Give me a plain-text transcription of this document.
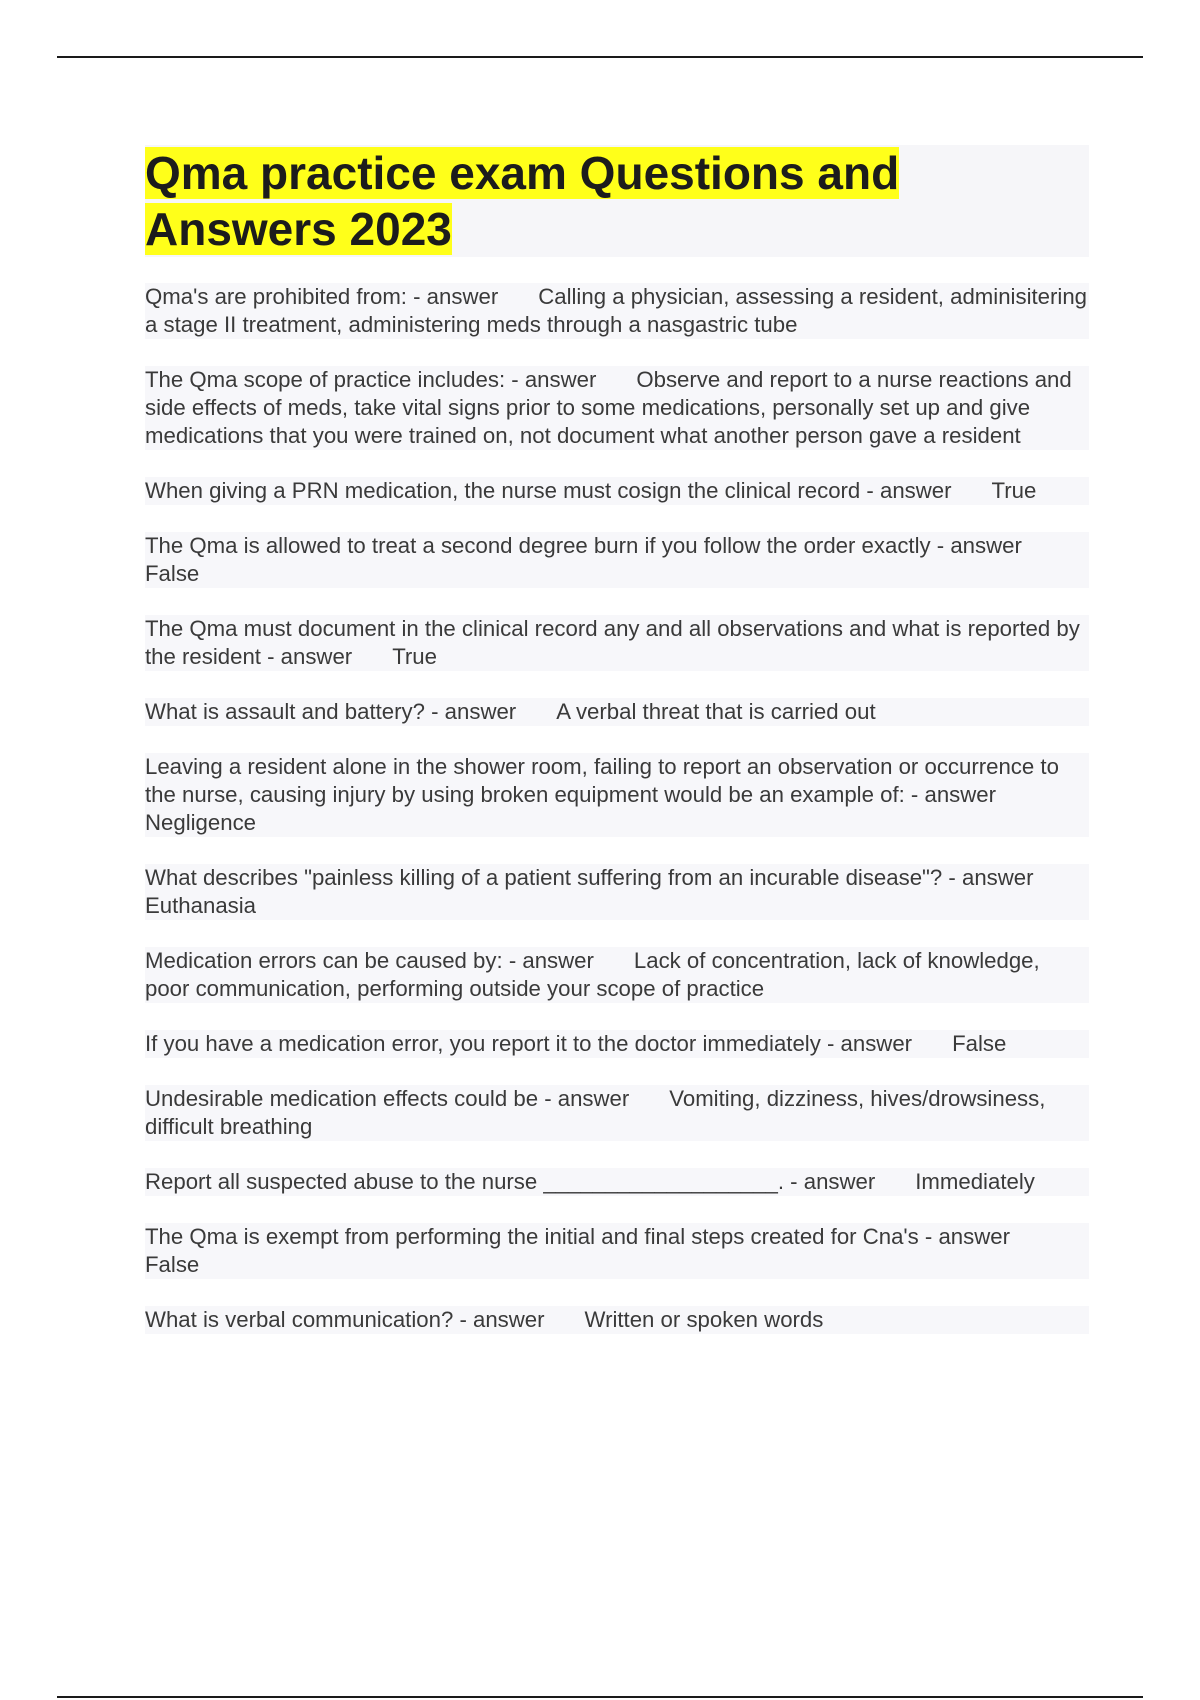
Qma practice exam Questions and Answers 2023

Qma's are prohibited from: - answer Calling a physician, assessing a resident, adminisitering a stage II treatment, administering meds through a nasgastric tube

The Qma scope of practice includes: - answer Observe and report to a nurse reactions and side effects of meds, take vital signs prior to some medications, personally set up and give medications that you were trained on, not document what another person gave a resident

When giving a PRN medication, the nurse must cosign the clinical record - answer True

The Qma is allowed to treat a second degree burn if you follow the order exactly - answerFalse

The Qma must document in the clinical record any and all observations and what is reported by the resident - answer True

What is assault and battery? - answer A verbal threat that is carried out

Leaving a resident alone in the shower room, failing to report an observation or occurrence to the nurse, causing injury by using broken equipment would be an example of: - answerNegligence

What describes "painless killing of a patient suffering from an incurable disease"? - answerEuthanasia

Medication errors can be caused by: - answer Lack of concentration, lack of knowledge, poor communication, performing outside your scope of practice

If you have a medication error, you report it to the doctor immediately - answer False

Undesirable medication effects could be - answer Vomiting, dizziness, hives/drowsiness, difficult breathing

Report all suspected abuse to the nurse ___________________. - answer Immediately

The Qma is exempt from performing the initial and final steps created for Cna's - answerFalse

What is verbal communication? - answer Written or spoken words
